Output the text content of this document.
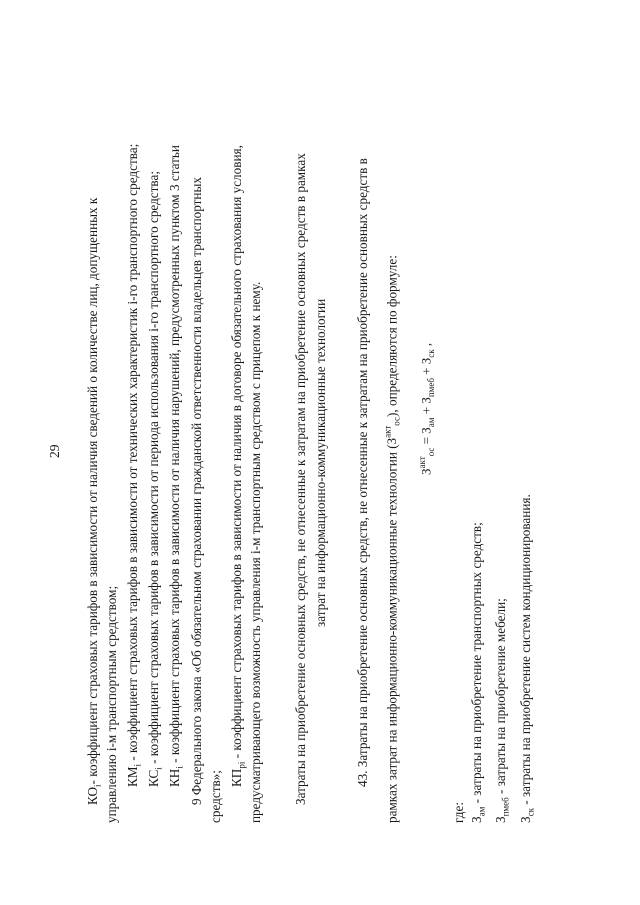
29
$КО_i-$ коэффициент страховых тарифов в зависимости от наличия сведений о количестве лиц, допущенных к управлению i-м транспортным средством; $КМ_i$ - коэффициент страховых тарифов в зависимости от технических характеристик i-го транспортного средства;
$КС_i$ - коэффициент страховых тарифов в зависимости от периода использования i-го транспортного средства;
$КН_i$ - коэффициент страховых тарифов в зависимости от наличия нарушений, предусмотренных пунктом 3 статьи 9 Федерального закона «Об обязательном страховании гражданской ответственности владельцев транспортных средств»; $КП_{рi}$ - коэффициент страховых тарифов в зависимости от наличия в договоре обязательного страхования условия, предусматривающего возможность управления i-м транспортным средством с прицепом к нему. Затраты на приобретение основных средств, не отнесенные к затратам на приобретение основных средств в рамках затрат на информационно-коммуникационные технологии 43. Затраты на приобретение основных средств, не отнесенные к затратам на приобретение основных средств в рамках затрат на информационно-коммуникационные технологии $(З^{акт}_{ос})$, определяются по формуле:
$З^{акт}_{ос} = З_{ам} + З_{пмеб} + З_{ск}$ ,
где: $З_{ам}$ - затраты на приобретение транспортных средств;
$З_{пмеб}$ - затраты на приобретение мебели;
$З_{ск}$ - затраты на приобретение систем кондиционирования.
